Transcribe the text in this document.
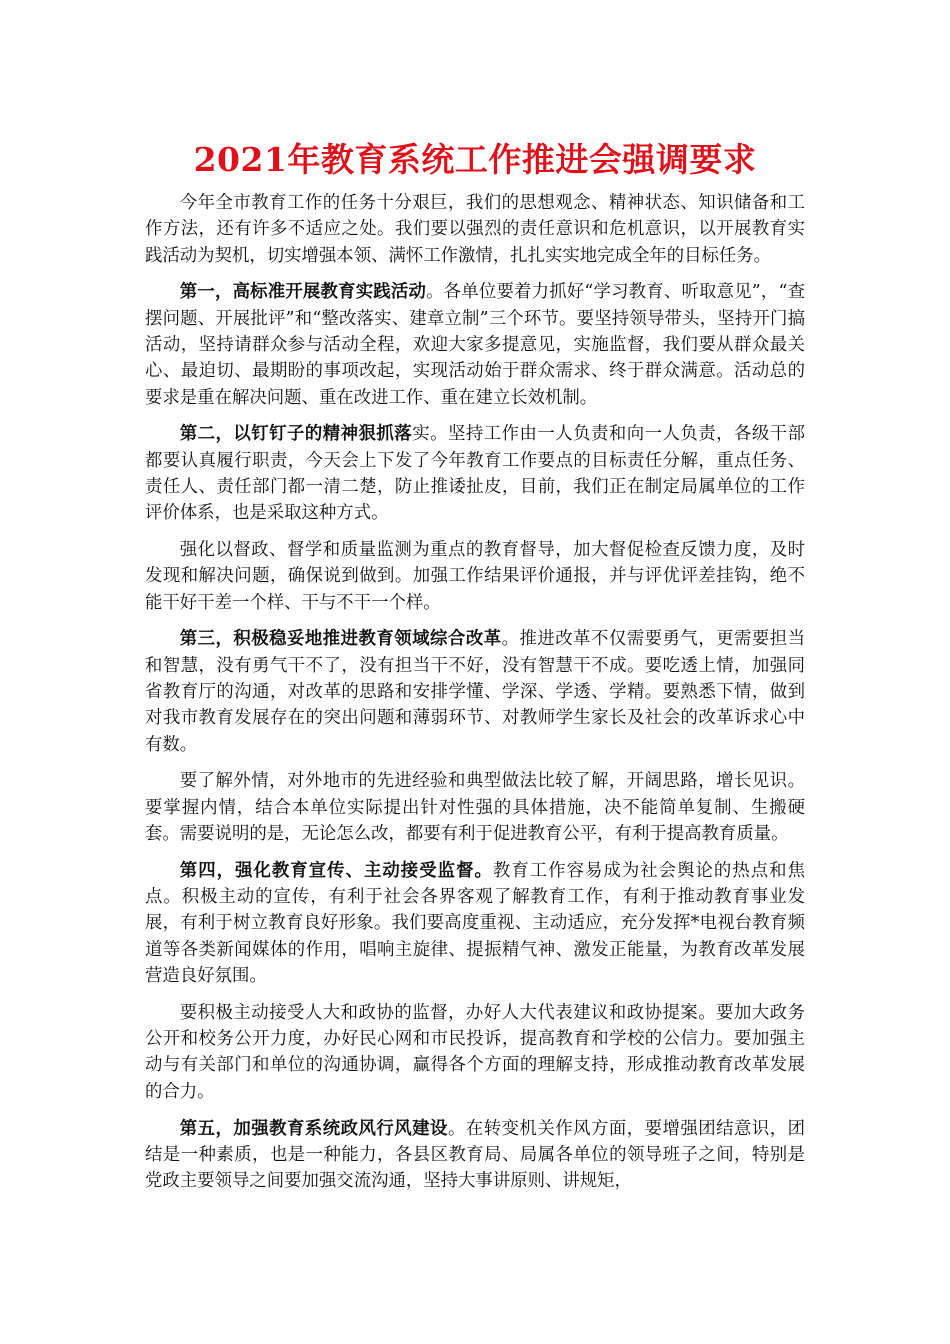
2021年教育系统工作推进会强调要求

今年全市教育工作的任务十分艰巨，我们的思想观念、精神状态、知识储备和工作方法，还有许多不适应之处。我们要以强烈的责任意识和危机意识，以开展教育实践活动为契机，切实增强本领、满怀工作激情，扎扎实实地完成全年的目标任务。

第一，高标准开展教育实践活动。各单位要着力抓好“学习教育、听取意见”，“查摆问题、开展批评”和“整改落实、建章立制”三个环节。要坚持领导带头，坚持开门搞活动，坚持请群众参与活动全程，欢迎大家多提意见，实施监督，我们要从群众最关心、最迫切、最期盼的事项改起，实现活动始于群众需求、终于群众满意。活动总的要求是重在解决问题、重在改进工作、重在建立长效机制。

第二，以钉钉子的精神狠抓落实。坚持工作由一人负责和向一人负责，各级干部都要认真履行职责，今天会上下发了今年教育工作要点的目标责任分解，重点任务、责任人、责任部门都一清二楚，防止推诿扯皮，目前，我们正在制定局属单位的工作评价体系，也是采取这种方式。

强化以督政、督学和质量监测为重点的教育督导，加大督促检查反馈力度，及时发现和解决问题，确保说到做到。加强工作结果评价通报，并与评优评差挂钩，绝不能干好干差一个样、干与不干一个样。

第三，积极稳妥地推进教育领域综合改革。推进改革不仅需要勇气，更需要担当和智慧，没有勇气干不了，没有担当干不好，没有智慧干不成。要吃透上情，加强同省教育厅的沟通，对改革的思路和安排学懂、学深、学透、学精。要熟悉下情，做到对我市教育发展存在的突出问题和薄弱环节、对教师学生家长及社会的改革诉求心中有数。

要了解外情，对外地市的先进经验和典型做法比较了解，开阔思路，增长见识。要掌握内情，结合本单位实际提出针对性强的具体措施，决不能简单复制、生搬硬套。需要说明的是，无论怎么改，都要有利于促进教育公平，有利于提高教育质量。

第四，强化教育宣传、主动接受监督。教育工作容易成为社会舆论的热点和焦点。积极主动的宣传，有利于社会各界客观了解教育工作，有利于推动教育事业发展，有利于树立教育良好形象。我们要高度重视、主动适应，充分发挥*电视台教育频道等各类新闻媒体的作用，唱响主旋律、提振精气神、激发正能量，为教育改革发展营造良好氛围。

要积极主动接受人大和政协的监督，办好人大代表建议和政协提案。要加大政务公开和校务公开力度，办好民心网和市民投诉，提高教育和学校的公信力。要加强主动与有关部门和单位的沟通协调，赢得各个方面的理解支持，形成推动教育改革发展的合力。

第五，加强教育系统政风行风建设。在转变机关作风方面，要增强团结意识，团结是一种素质，也是一种能力，各县区教育局、局属各单位的领导班子之间，特别是党政主要领导之间要加强交流沟通，坚持大事讲原则、讲规矩，
